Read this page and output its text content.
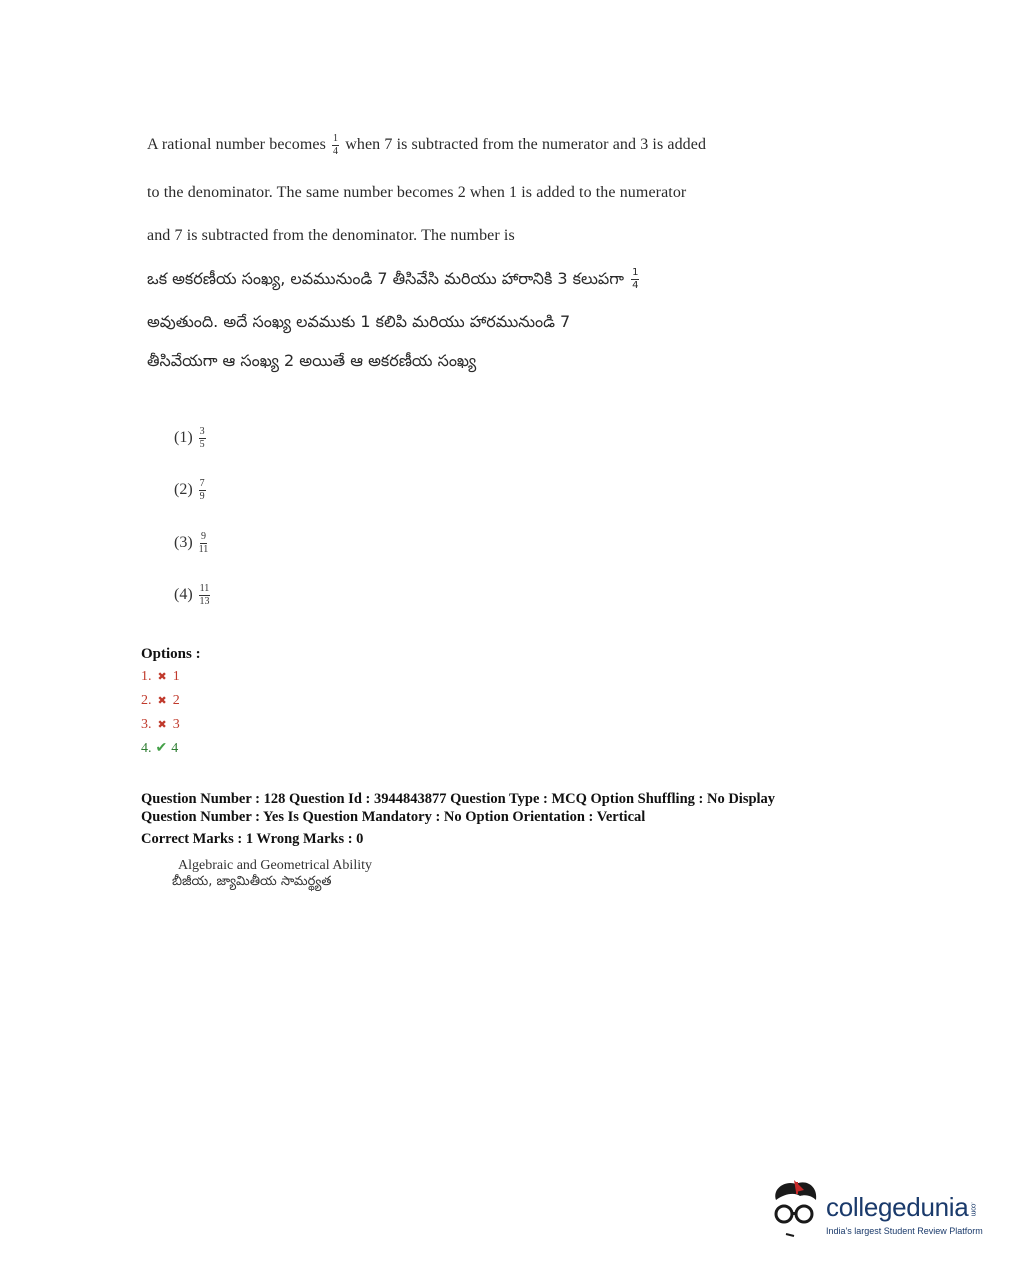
A rational number becomes $\frac{1}{4}$ when 7 is subtracted from the numerator and 3 is added
to the denominator. The same number becomes 2 when 1 is added to the numerator
and 7 is subtracted from the denominator. The number is
ఒక అకరణీయ సంఖ్య, లవమునుండి 7 తీసివేసి మరియు హారానికి 3 కలుపగా $\frac{1}{4}$
అవుతుంది. అదే సంఖ్య లవముకు 1 కలిపి మరియు హారమునుండి 7
తీసివేయగా ఆ సంఖ్య 2 అయితే ఆ అకరణీయ సంఖ్య
$(1) \frac{3}{5}$
$(2) \frac{7}{9}$
$(3) \frac{9}{11}$
$(4) \frac{11}{13}$
Options :
1. ✖ 1
2. ✖ 2
3. ✖ 3
4. ✔ 4
Question Number : 128 Question Id : 3944843877 Question Type : MCQ Option Shuffling : No Display
Question Number : Yes Is Question Mandatory : No Option Orientation : Vertical
Correct Marks : 1 Wrong Marks : 0
Algebraic and Geometrical Ability
బీజీయ, జ్యామితీయ సామర్థ్యత
collegedunia.com
India's largest Student Review Platform
